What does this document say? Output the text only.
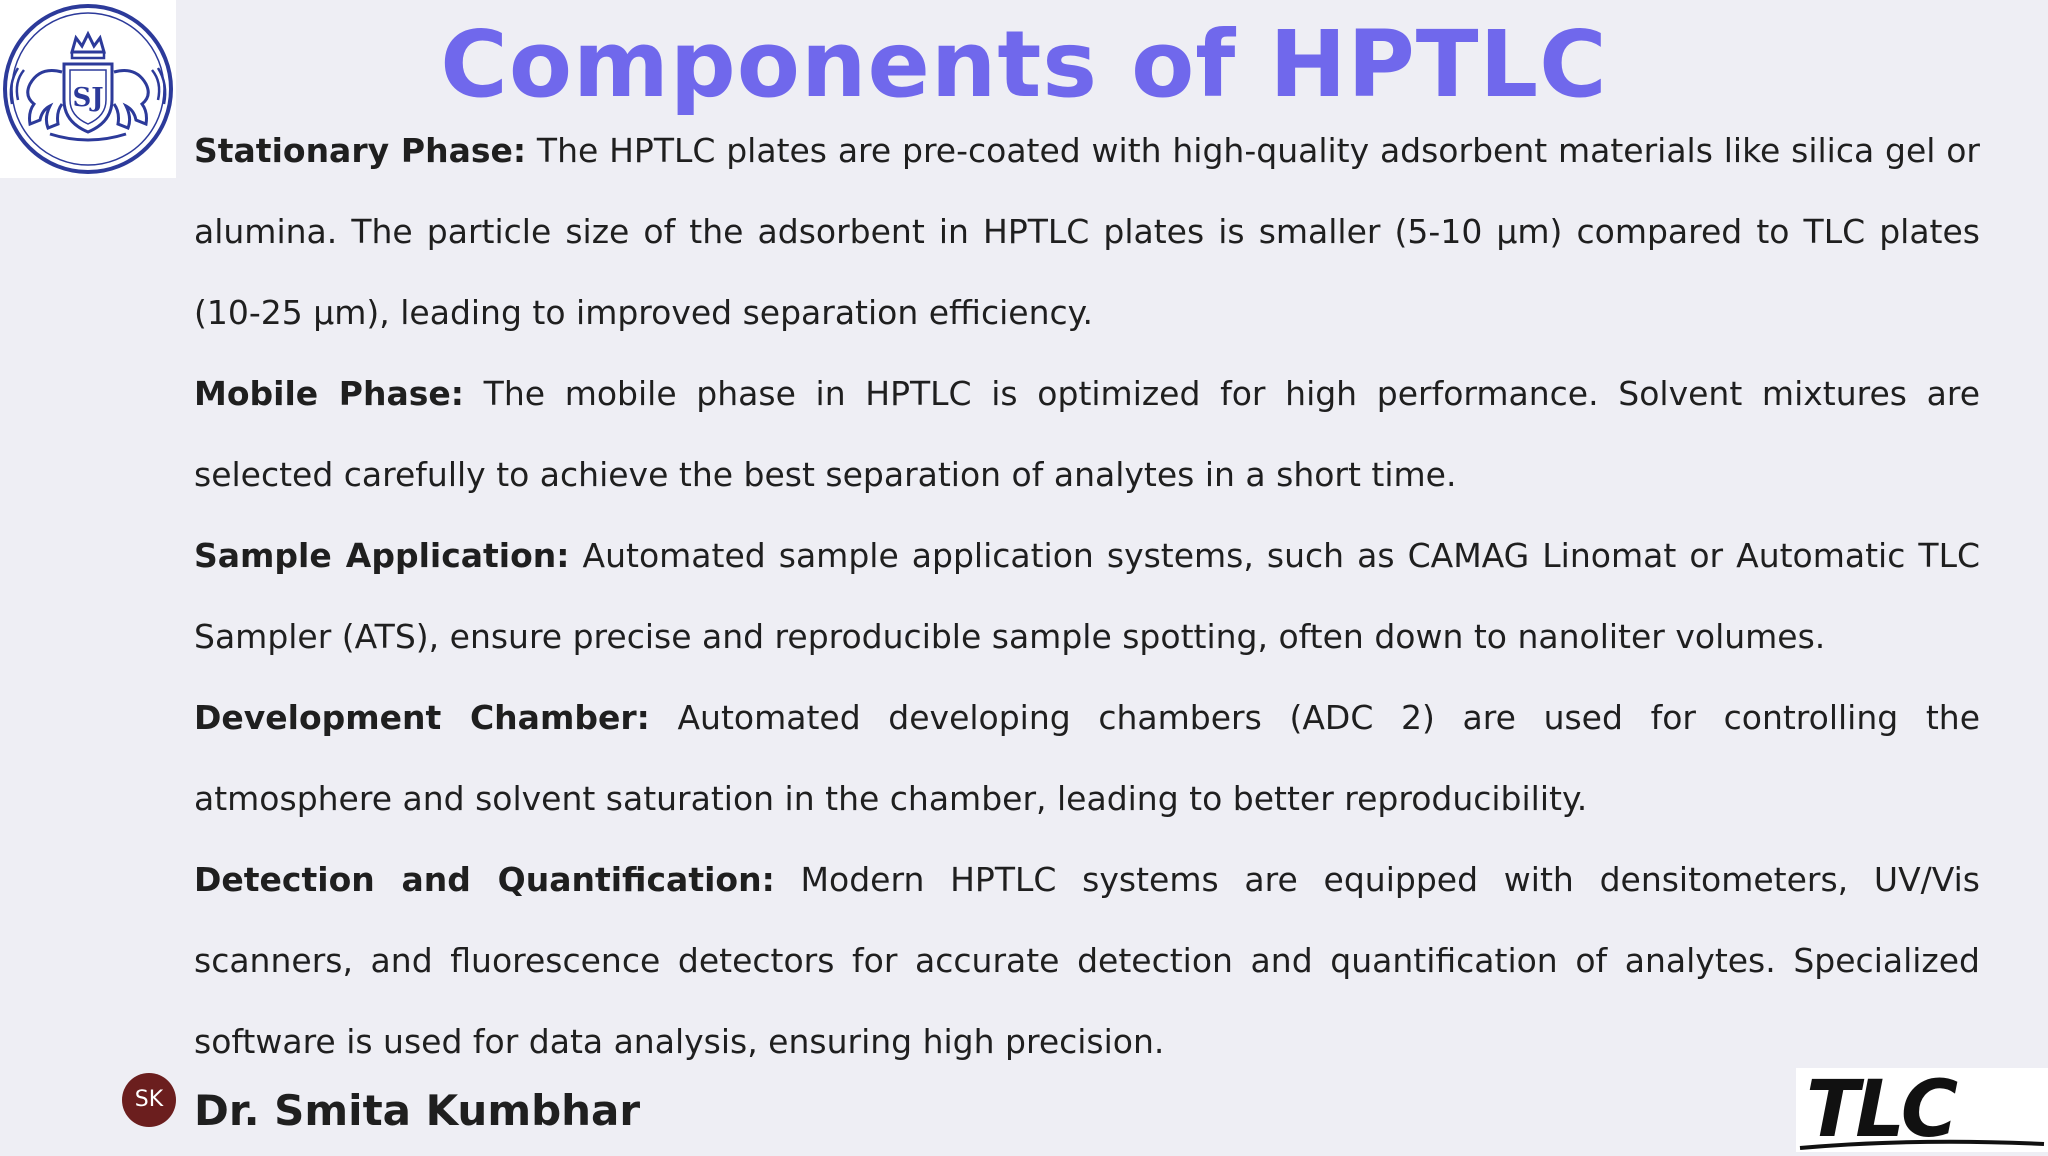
SJ	Components of HPTLC

Stationary Phase: The HPTLC plates are pre-coated with high-quality adsorbent materials like silica gel or alumina. The particle size of the adsorbent in HPTLC plates is smaller (5-10 µm) compared to TLC plates (10-25 µm), leading to improved separation efficiency.

Mobile Phase: The mobile phase in HPTLC is optimized for high performance. Solvent mixtures are selected carefully to achieve the best separation of analytes in a short time.

Sample Application: Automated sample application systems, such as CAMAG Linomat or Automatic TLC Sampler (ATS), ensure precise and reproducible sample spotting, often down to nanoliter volumes.

Development Chamber: Automated developing chambers (ADC 2) are used for controlling the atmosphere and solvent saturation in the chamber, leading to better reproducibility.

Detection and Quantification: Modern HPTLC systems are equipped with densitometers, UV/Vis scanners, and fluorescence detectors for accurate detection and quantification of analytes. Specialized software is used for data analysis, ensuring high precision.

SK Dr. Smita Kumbhar	TLC
